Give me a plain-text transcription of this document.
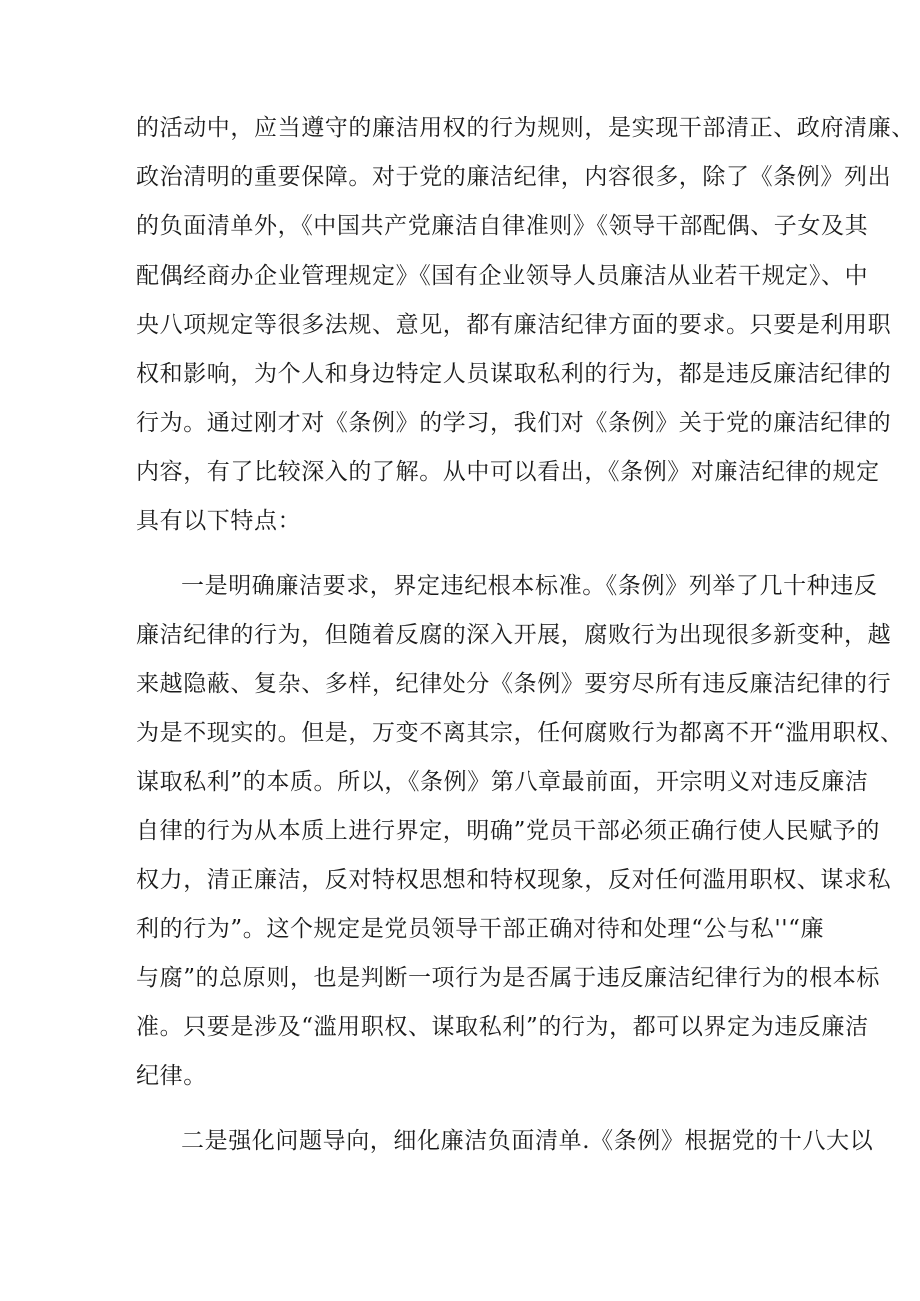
的活动中，应当遵守的廉洁用权的行为规则，是实现干部清正、政府清廉、
政治清明的重要保障。对于党的廉洁纪律，内容很多，除了《条例》列出
的负面清单外，《中国共产党廉洁自律准则》《领导干部配偶、子女及其
配偶经商办企业管理规定》《国有企业领导人员廉洁从业若干规定》、中
央八项规定等很多法规、意见，都有廉洁纪律方面的要求。只要是利用职
权和影响，为个人和身边特定人员谋取私利的行为，都是违反廉洁纪律的
行为。通过刚才对《条例》的学习，我们对《条例》关于党的廉洁纪律的
内容，有了比较深入的了解。从中可以看出，《条例》对廉洁纪律的规定
具有以下特点：
一是明确廉洁要求，界定违纪根本标准。《条例》列举了几十种违反
廉洁纪律的行为，但随着反腐的深入开展，腐败行为出现很多新变种，越
来越隐蔽、复杂、多样，纪律处分《条例》要穷尽所有违反廉洁纪律的行
为是不现实的。但是，万变不离其宗，任何腐败行为都离不开“滥用职权、
谋取私利”的本质。所以，《条例》第八章最前面，开宗明义对违反廉洁
自律的行为从本质上进行界定，明确”党员干部必须正确行使人民赋予的
权力，清正廉洁，反对特权思想和特权现象，反对任何滥用职权、谋求私
利的行为”。这个规定是党员领导干部正确对待和处理“公与私''“廉
与腐”的总原则，也是判断一项行为是否属于违反廉洁纪律行为的根本标
准。只要是涉及“滥用职权、谋取私利”的行为，都可以界定为违反廉洁
纪律。
二是强化问题导向，细化廉洁负面清单.《条例》根据党的十八大以
